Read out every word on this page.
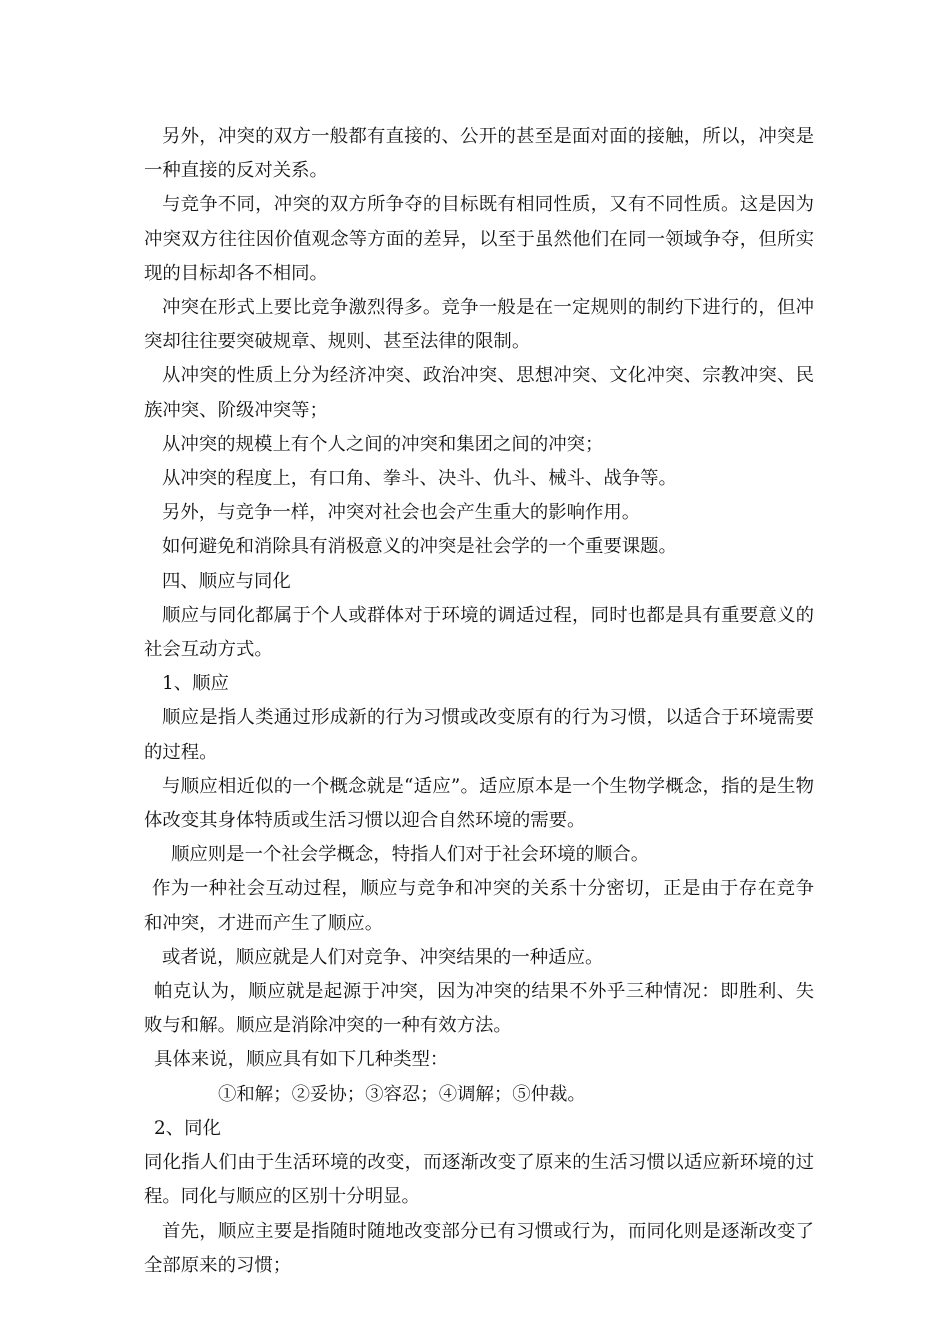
另外，冲突的双方一般都有直接的、公开的甚至是面对面的接触，所以，冲突是一种直接的反对关系。

与竞争不同，冲突的双方所争夺的目标既有相同性质，又有不同性质。这是因为冲突双方往往因价值观念等方面的差异，以至于虽然他们在同一领域争夺，但所实现的目标却各不相同。

冲突在形式上要比竞争激烈得多。竞争一般是在一定规则的制约下进行的，但冲突却往往要突破规章、规则、甚至法律的限制。

从冲突的性质上分为经济冲突、政治冲突、思想冲突、文化冲突、宗教冲突、民族冲突、阶级冲突等；

从冲突的规模上有个人之间的冲突和集团之间的冲突；

从冲突的程度上，有口角、拳斗、决斗、仇斗、械斗、战争等。

另外，与竞争一样，冲突对社会也会产生重大的影响作用。

如何避免和消除具有消极意义的冲突是社会学的一个重要课题。

四、顺应与同化

顺应与同化都属于个人或群体对于环境的调适过程，同时也都是具有重要意义的社会互动方式。

1、顺应

顺应是指人类通过形成新的行为习惯或改变原有的行为习惯，以适合于环境需要的过程。

与顺应相近似的一个概念就是“适应”。适应原本是一个生物学概念，指的是生物体改变其身体特质或生活习惯以迎合自然环境的需要。

顺应则是一个社会学概念，特指人们对于社会环境的顺合。

作为一种社会互动过程，顺应与竞争和冲突的关系十分密切，正是由于存在竞争和冲突，才进而产生了顺应。

或者说，顺应就是人们对竞争、冲突结果的一种适应。

帕克认为，顺应就是起源于冲突，因为冲突的结果不外乎三种情况：即胜利、失败与和解。顺应是消除冲突的一种有效方法。

具体来说，顺应具有如下几种类型：

①和解；②妥协；③容忍；④调解；⑤仲裁。

2、同化

同化指人们由于生活环境的改变，而逐渐改变了原来的生活习惯以适应新环境的过程。同化与顺应的区别十分明显。

首先，顺应主要是指随时随地改变部分已有习惯或行为，而同化则是逐渐改变了全部原来的习惯；
